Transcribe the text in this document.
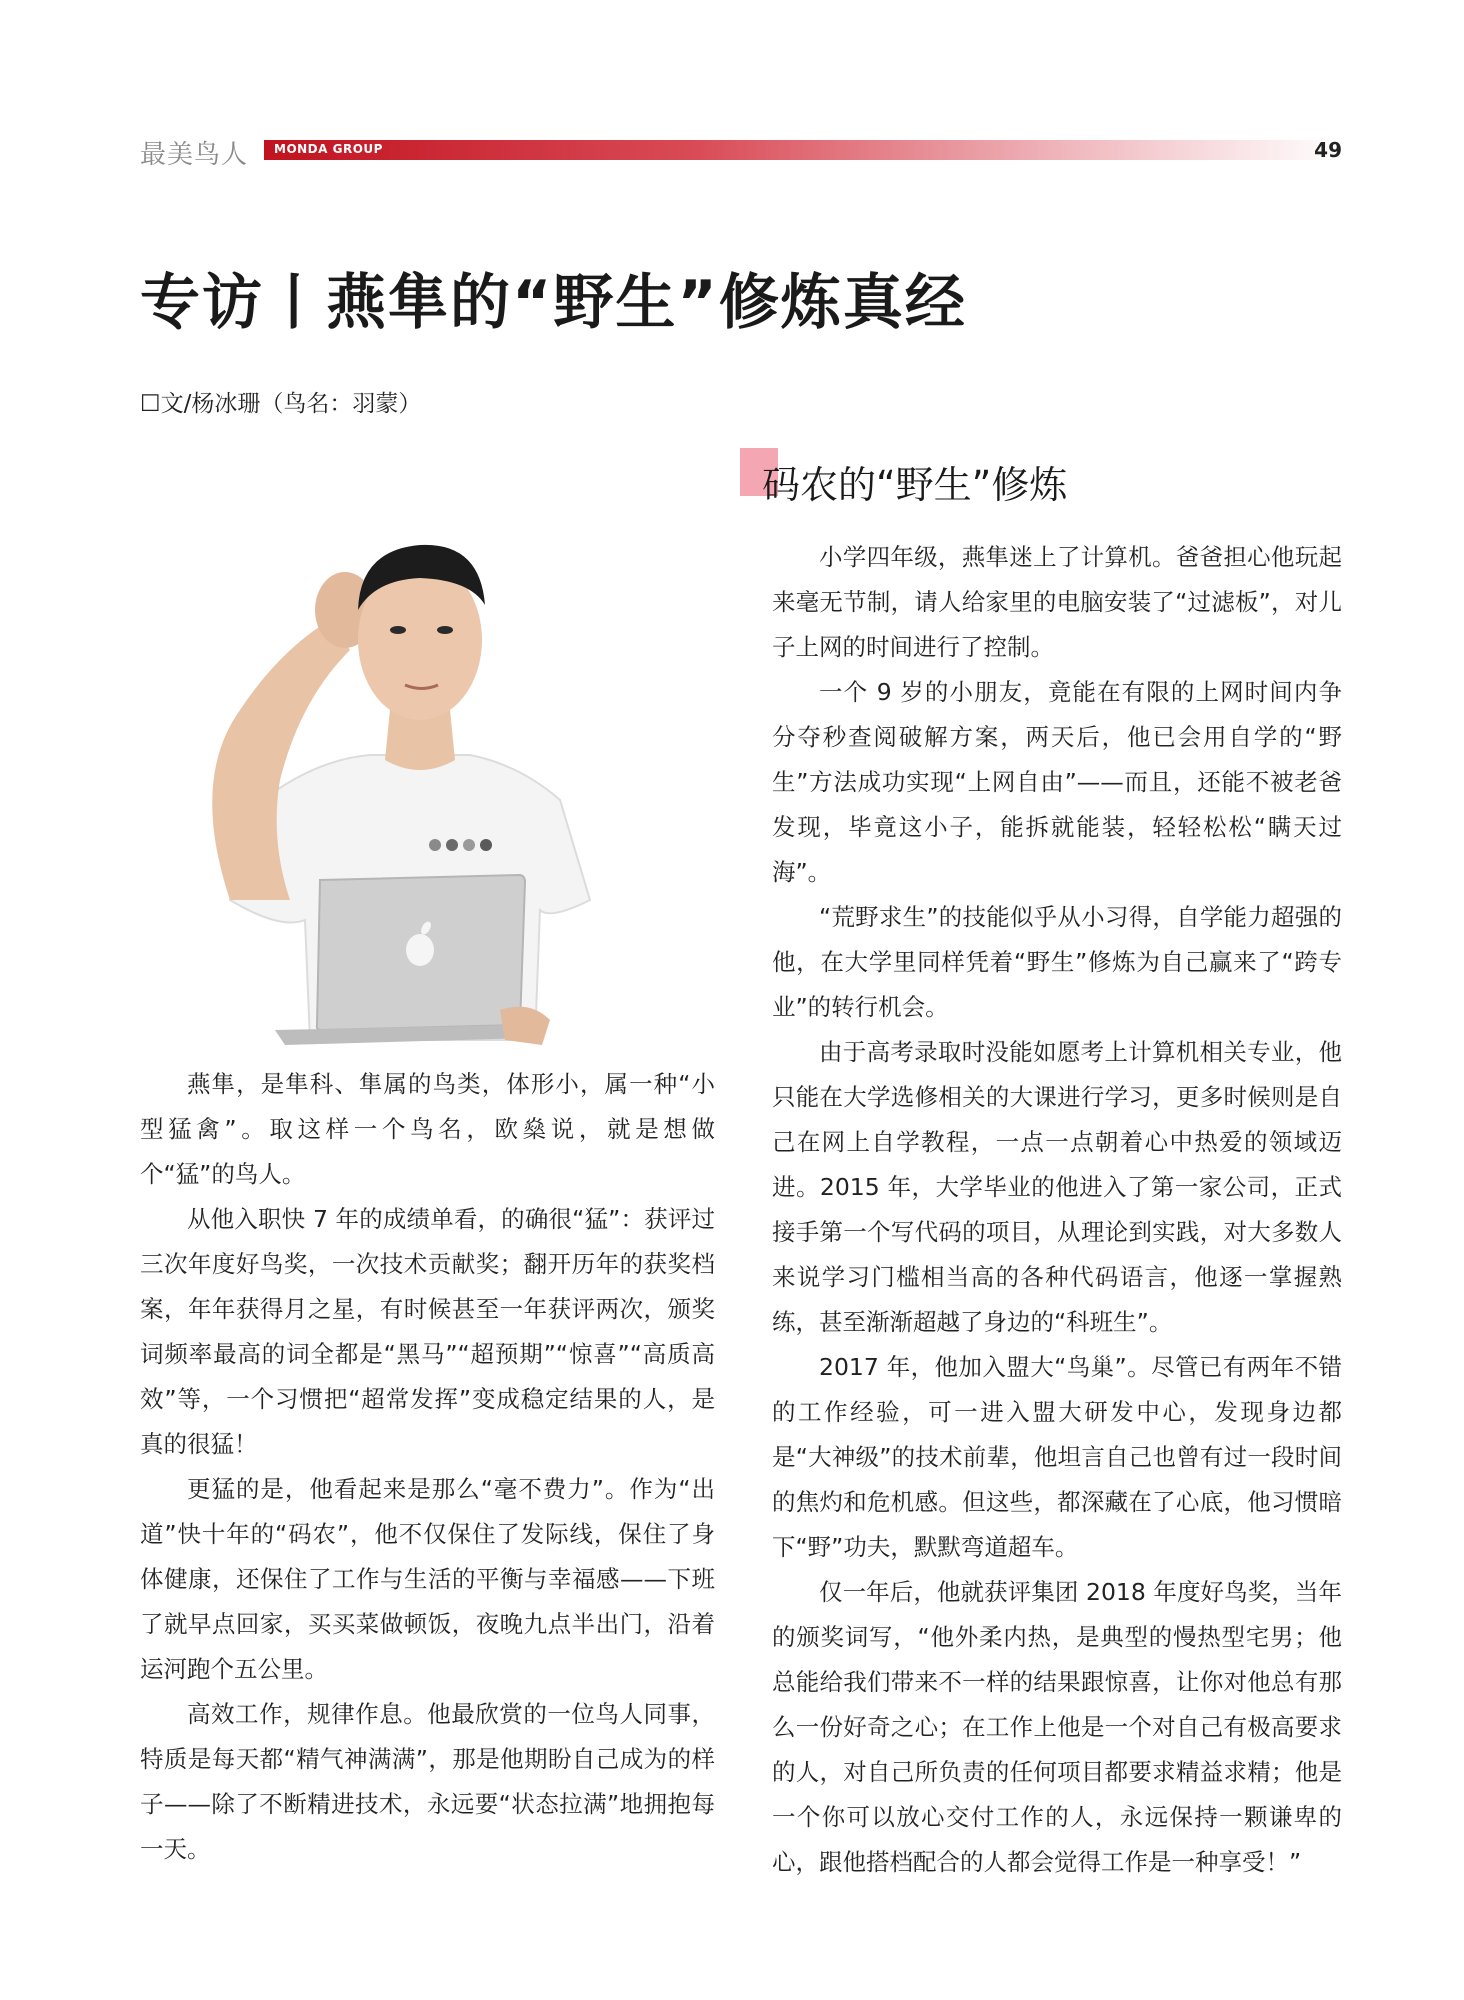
最美鸟人 MONDA GROUP	49
专访丨燕隼的“野生”修炼真经
☐文/杨冰珊（鸟名：羽蒙）
码农的“野生”修炼

燕隼，是隼科、隼属的鸟类，体形小，属一种“小型猛禽”。取这样一个鸟名，欧燊说，就是想做个“猛”的鸟人。

从他入职快 7 年的成绩单看，的确很“猛”：获评过三次年度好鸟奖，一次技术贡献奖；翻开历年的获奖档案，年年获得月之星，有时候甚至一年获评两次，颁奖词频率最高的词全都是“黑马”“超预期”“惊喜”“高质高效”等，一个习惯把“超常发挥”变成稳定结果的人，是真的很猛！

更猛的是，他看起来是那么“毫不费力”。作为“出道”快十年的“码农”，他不仅保住了发际线，保住了身体健康，还保住了工作与生活的平衡与幸福感——下班了就早点回家，买买菜做顿饭，夜晚九点半出门，沿着运河跑个五公里。

高效工作，规律作息。他最欣赏的一位鸟人同事，特质是每天都“精气神满满”，那是他期盼自己成为的样子——除了不断精进技术，永远要“状态拉满”地拥抱每一天。

小学四年级，燕隼迷上了计算机。爸爸担心他玩起来毫无节制，请人给家里的电脑安装了“过滤板”，对儿子上网的时间进行了控制。

一个 9 岁的小朋友，竟能在有限的上网时间内争分夺秒查阅破解方案，两天后，他已会用自学的“野生”方法成功实现“上网自由”——而且，还能不被老爸发现，毕竟这小子，能拆就能装，轻轻松松“瞒天过海”。

“荒野求生”的技能似乎从小习得，自学能力超强的他，在大学里同样凭着“野生”修炼为自己赢来了“跨专业”的转行机会。

由于高考录取时没能如愿考上计算机相关专业，他只能在大学选修相关的大课进行学习，更多时候则是自己在网上自学教程，一点一点朝着心中热爱的领域迈进。2015 年，大学毕业的他进入了第一家公司，正式接手第一个写代码的项目，从理论到实践，对大多数人来说学习门槛相当高的各种代码语言，他逐一掌握熟练，甚至渐渐超越了身边的“科班生”。

2017 年，他加入盟大“鸟巢”。尽管已有两年不错的工作经验，可一进入盟大研发中心，发现身边都是“大神级”的技术前辈，他坦言自己也曾有过一段时间的焦灼和危机感。但这些，都深藏在了心底，他习惯暗下“野”功夫，默默弯道超车。

仅一年后，他就获评集团 2018 年度好鸟奖，当年的颁奖词写，“他外柔内热，是典型的慢热型宅男；他总能给我们带来不一样的结果跟惊喜，让你对他总有那么一份好奇之心；在工作上他是一个对自己有极高要求的人，对自己所负责的任何项目都要求精益求精；他是一个你可以放心交付工作的人，永远保持一颗谦卑的心，跟他搭档配合的人都会觉得工作是一种享受！”
